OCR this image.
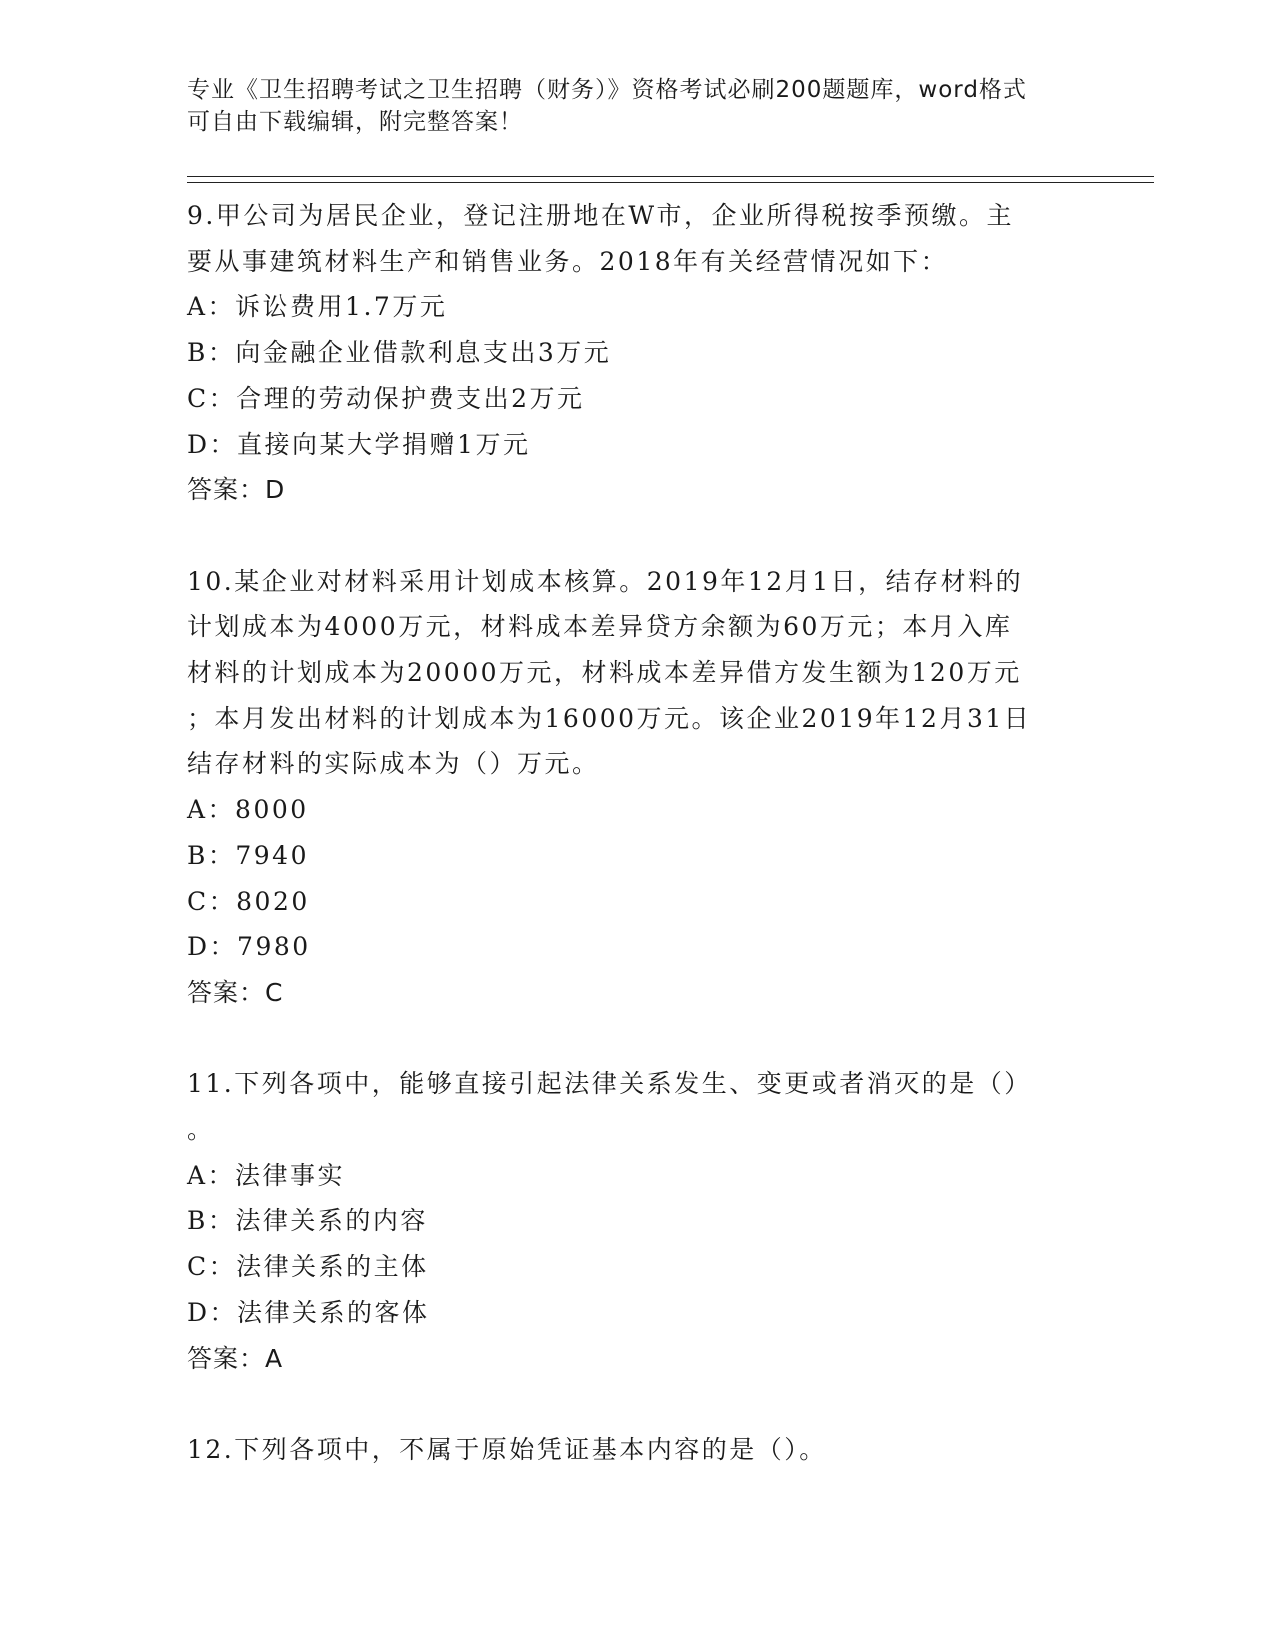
专业《卫生招聘考试之卫生招聘（财务）》资格考试必刷200题题库，word格式
可自由下载编辑，附完整答案！

9.甲公司为居民企业，登记注册地在W市，企业所得税按季预缴。主

要从事建筑材料生产和销售业务。2018年有关经营情况如下：

A：诉讼费用1.7万元

B：向金融企业借款利息支出3万元

C：合理的劳动保护费支出2万元

D：直接向某大学捐赠1万元

答案：D

10.某企业对材料采用计划成本核算。2019年12月1日，结存材料的

计划成本为4000万元，材料成本差异贷方余额为60万元；本月入库

材料的计划成本为20000万元，材料成本差异借方发生额为120万元

；本月发出材料的计划成本为16000万元。该企业2019年12月31日

结存材料的实际成本为（）万元。

A：8000

B：7940

C：8020

D：7980

答案：C

11.下列各项中，能够直接引起法律关系发生、变更或者消灭的是（）

。

A：法律事实

B：法律关系的内容

C：法律关系的主体

D：法律关系的客体

答案：A

12.下列各项中，不属于原始凭证基本内容的是（）。
